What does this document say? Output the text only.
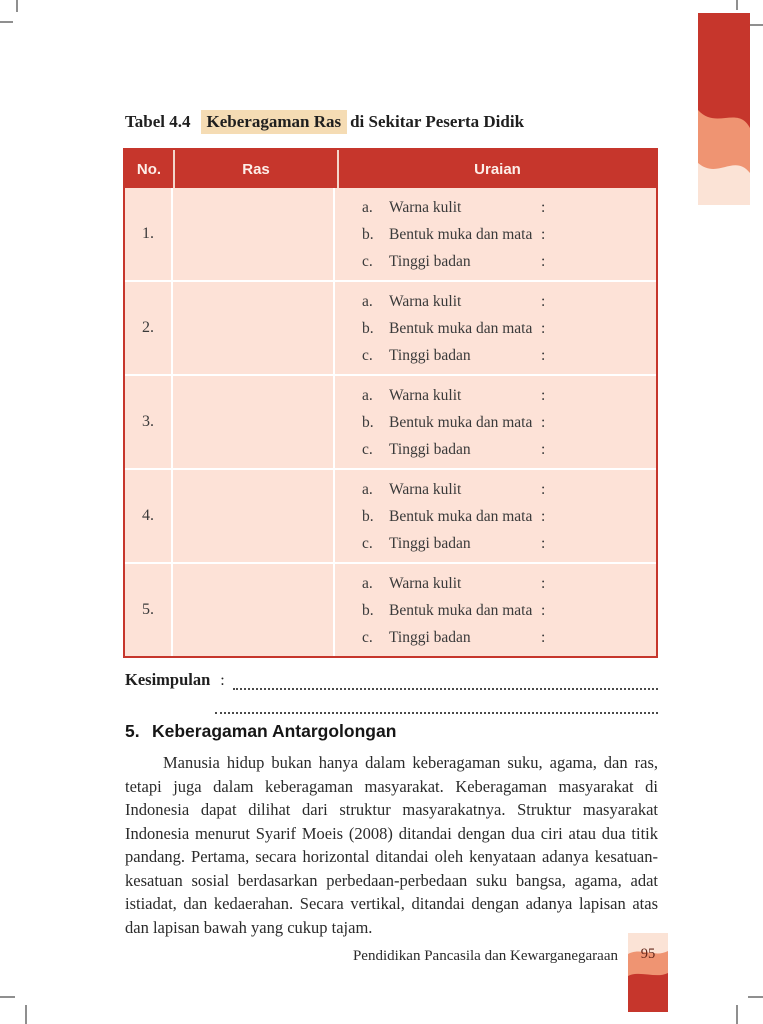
Tabel 4.4 Keberagaman Ras di Sekitar Peserta Didik
No.	Ras	Uraian
1.
a.	Warna kulit	:
b. Bentuk muka dan mata :
c.	Tinggi badan	:
2.
a.	Warna kulit	:
b. Bentuk muka dan mata :
c.	Tinggi badan	:
3.
a.	Warna kulit	:
b. Bentuk muka dan mata :
c.	Tinggi badan	:
4.
a.	Warna kulit	:
b. Bentuk muka dan mata :
c.	Tinggi badan	:
5.
a.	Warna kulit	:
b. Bentuk muka dan mata :
c.	Tinggi badan	:
Kesimpulan :
5. Keberagaman Antargolongan
Manusia hidup bukan hanya dalam keberagaman suku, agama, dan ras, tetapi juga dalam keberagaman masyarakat. Keberagaman masyarakat di Indonesia dapat dilihat dari struktur masyarakatnya. Struktur masyarakat Indonesia menurut Syarif Moeis (2008) ditandai dengan dua ciri atau dua titik pandang. Pertama, secara horizontal ditandai oleh kenyataan adanya kesatuan-kesatuan sosial berdasarkan perbedaan-perbedaan suku bangsa, agama, adat istiadat, dan kedaerahan. Secara vertikal, ditandai dengan adanya lapisan atas dan lapisan bawah yang cukup tajam.
Pendidikan Pancasila dan Kewarganegaraan	95
